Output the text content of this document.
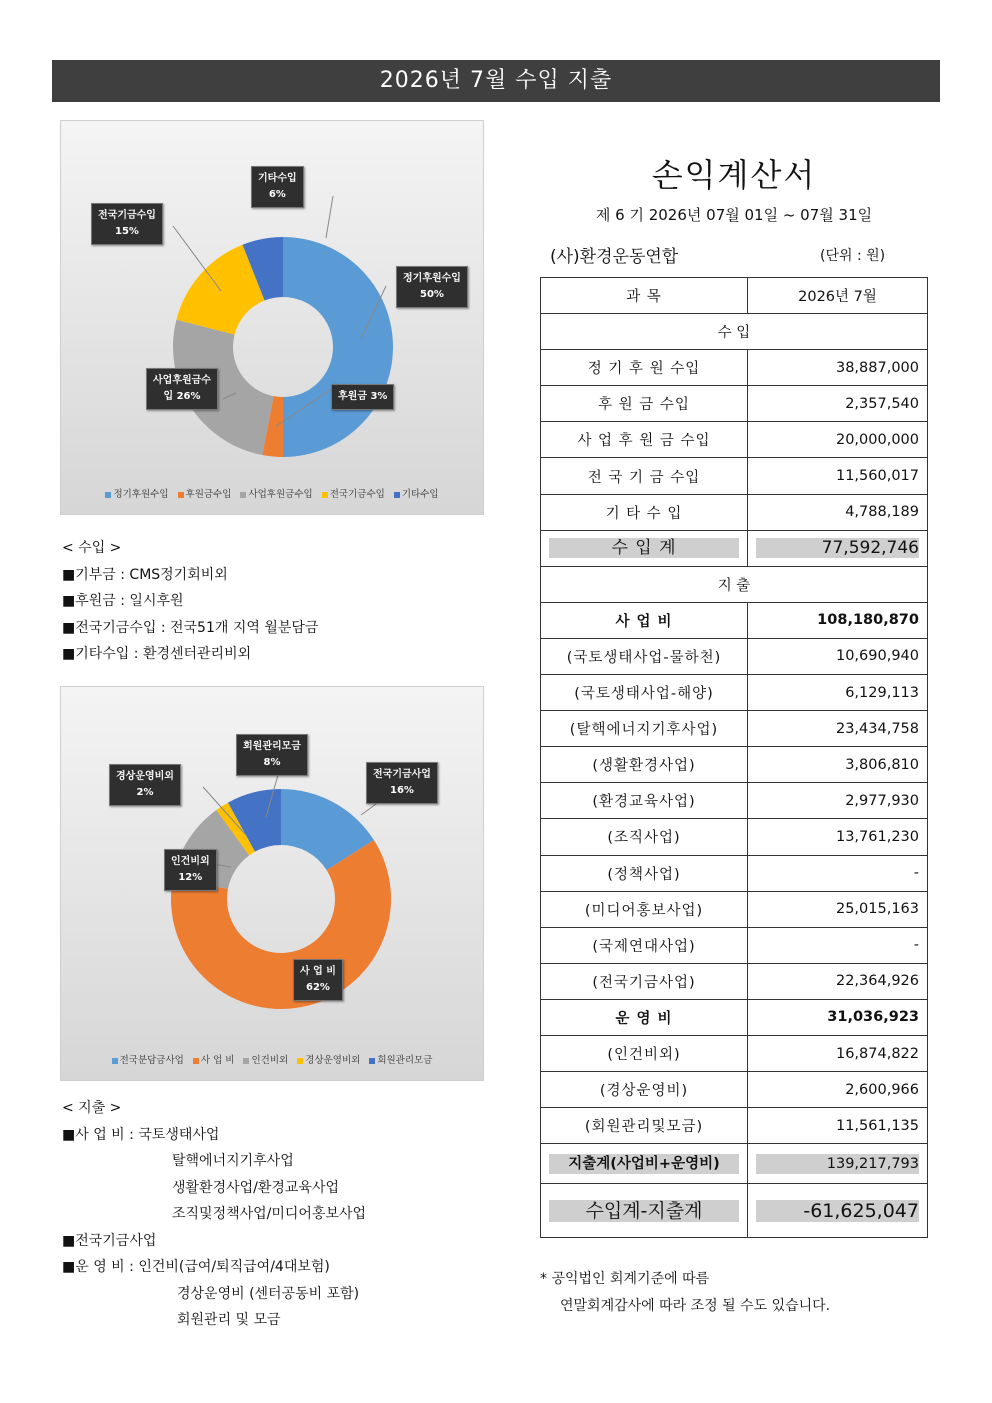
2026년 7월 수입 지출
기타수입
6%
전국기금수입
15%
정기후원수입
50%
사업후원금수
입 26%	후원금 3%
정기후원수입 후원금수입 사업후원금수입 전국기금수입 기타수입
< 수입 >
■기부금 : CMS정기회비외
■후원금 : 일시후원
■전국기금수입 : 전국51개 지역 월분담금
■기타수입 : 환경센터관리비외
회원관리모금
8%
경상운영비외
2%
전국기금사업
16%
인건비외
12%
사 업 비
62%
전국분담금사업 사 업 비 인건비외 경상운영비외 회원관리모금
< 지출 >
■사 업 비 : 국토생태사업
탈핵에너지기후사업
생활환경사업/환경교육사업
조직및정책사업/미디어홍보사업
■전국기금사업
■운 영 비 : 인건비(급여/퇴직급여/4대보험)
경상운영비 (센터공동비 포함)
회원관리 및 모금
손익계산서
제 6 기 2026년 07월 01일 ~ 07월 31일
(사)환경운동연합	(단위 : 원)
과 목	2026년 7월
수 입	
정 기 후 원 수입	38,887,000
후 원 금 수입	2,357,540
사 업 후 원 금 수입	20,000,000
전 국 기 금 수입	11,560,017
기 타 수 입	4,788,189

수 입 계	77,592,746

지 출	
사 업 비	108,180,870
(국토생태사업-물하천)	10,690,940
(국토생태사업-해양)	6,129,113
(탈핵에너지기후사업)	23,434,758
(생활환경사업)	3,806,810
(환경교육사업)	2,977,930
(조직사업)	13,761,230
(정책사업)	-
(미디어홍보사업)	25,015,163
(국제연대사업)	-
(전국기금사업)	22,364,926
운 영 비	31,036,923
(인건비외)	16,874,822
(경상운영비)	2,600,966
(회원관리및모금)	11,561,135

지출계(사업비+운영비)	139,217,793

수입계-지출계	-61,625,047
* 공익법인 회계기준에 따름
연말회계감사에 따라 조정 될 수도 있습니다.
